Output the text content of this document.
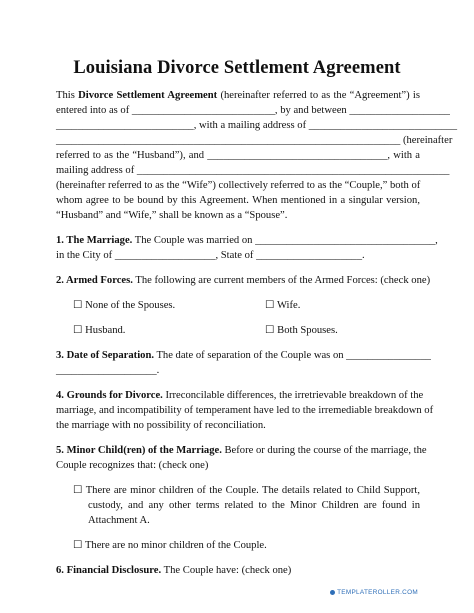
Louisiana Divorce Settlement Agreement
This Divorce Settlement Agreement (hereinafter referred to as the “Agreement”) is
entered into as of ___________________________, by and between ___________________
__________________________, with a mailing address of ____________________________
_________________________________________________________________ (hereinafter
referred to as the “Husband”), and __________________________________, with a
mailing address of ___________________________________________________________
(hereinafter referred to as the “Wife”) collectively referred to as the “Couple,” both of
whom agree to be bound by this Agreement. When mentioned in a singular version,
“Husband” and “Wife,” shall be known as a “Spouse”.
1. The Marriage. The Couple was married on __________________________________,
in the City of ___________________, State of ____________________.
2. Armed Forces. The following are current members of the Armed Forces: (check one)
☐ None of the Spouses.	☐ Wife.
☐ Husband.	☐ Both Spouses.
3. Date of Separation. The date of separation of the Couple was on ________________
___________________.
4. Grounds for Divorce. Irreconcilable differences, the irretrievable breakdown of the
marriage, and incompatibility of temperament have led to the irremediable breakdown of
the marriage with no possibility of reconciliation.
5. Minor Child(ren) of the Marriage. Before or during the course of the marriage, the
Couple recognizes that: (check one)
☐ There are minor children of the Couple. The details related to Child Support,
custody, and any other terms related to the Minor Children are found in
Attachment A.
☐ There are no minor children of the Couple.
6. Financial Disclosure. The Couple have: (check one)
TEMPLATEROLLER.COM
